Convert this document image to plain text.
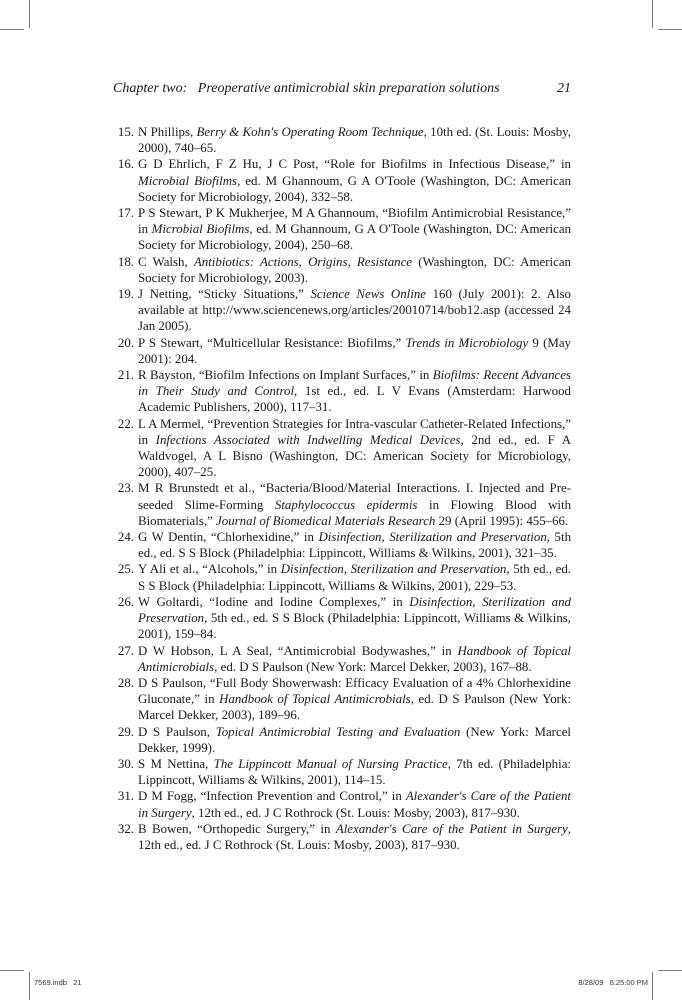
Chapter two:   Preoperative antimicrobial skin preparation solutions	21
15. N Phillips, Berry & Kohn's Operating Room Technique, 10th ed. (St. Louis: Mosby, 2000), 740–65.
16. G D Ehrlich, F Z Hu, J C Post, “Role for Biofilms in Infectious Disease,” in Microbial Biofilms, ed. M Ghannoum, G A O'Toole (Washington, DC: American Society for Microbiology, 2004), 332–58.
17. P S Stewart, P K Mukherjee, M A Ghannoum, “Biofilm Antimicrobial Resistance,” in Microbial Biofilms, ed. M Ghannoum, G A O'Toole (Washington, DC: American Society for Microbiology, 2004), 250–68.
18. C Walsh, Antibiotics: Actions, Origins, Resistance (Washington, DC: American Society for Microbiology, 2003).
19. J Netting, “Sticky Situations,” Science News Online 160 (July 2001): 2. Also available at http://www.sciencenews.org/articles/20010714/bob12.asp (accessed 24 Jan 2005).
20. P S Stewart, “Multicellular Resistance: Biofilms,” Trends in Microbiology 9 (May 2001): 204.
21. R Bayston, “Biofilm Infections on Implant Surfaces,” in Biofilms: Recent Advances in Their Study and Control, 1st ed., ed. L V Evans (Amsterdam: Harwood Academic Publishers, 2000), 117–31.
22. L A Mermel, “Prevention Strategies for Intra-vascular Catheter-Related Infections,” in Infections Associated with Indwelling Medical Devices, 2nd ed., ed. F A Waldvogel, A L Bisno (Washington, DC: American Society for Microbiology, 2000), 407–25.
23. M R Brunstedt et al., “Bacteria/Blood/Material Interactions. I. Injected and Pre-seeded Slime-Forming Staphylococcus epidermis in Flowing Blood with Biomaterials,” Journal of Biomedical Materials Research 29 (April 1995): 455–66.
24. G W Dentin, “Chlorhexidine,” in Disinfection, Sterilization and Preservation, 5th ed., ed. S S Block (Philadelphia: Lippincott, Williams & Wilkins, 2001), 321–35.
25. Y Ali et al., “Alcohols,” in Disinfection, Sterilization and Preservation, 5th ed., ed. S S Block (Philadelphia: Lippincott, Williams & Wilkins, 2001), 229–53.
26. W Goltardi, “Iodine and Iodine Complexes,” in Disinfection, Sterilization and Preservation, 5th ed., ed. S S Block (Philadelphia: Lippincott, Williams & Wilkins, 2001), 159–84.
27. D W Hobson, L A Seal, “Antimicrobial Bodywashes,” in Handbook of Topical Antimicrobials, ed. D S Paulson (New York: Marcel Dekker, 2003), 167–88.
28. D S Paulson, “Full Body Showerwash: Efficacy Evaluation of a 4% Chlorhexidine Gluconate,” in Handbook of Topical Antimicrobials, ed. D S Paulson (New York: Marcel Dekker, 2003), 189–96.
29. D S Paulson, Topical Antimicrobial Testing and Evaluation (New York: Marcel Dekker, 1999).
30. S M Nettina, The Lippincott Manual of Nursing Practice, 7th ed. (Philadelphia: Lippincott, Williams & Wilkins, 2001), 114–15.
31. D M Fogg, “Infection Prevention and Control,” in Alexander's Care of the Patient in Surgery, 12th ed., ed. J C Rothrock (St. Louis: Mosby, 2003), 817–930.
32. B Bowen, “Orthopedic Surgery,” in Alexander's Care of the Patient in Surgery, 12th ed., ed. J C Rothrock (St. Louis: Mosby, 2003), 817–930.
7569.indb   21	8/28/09   6:25:00 PM
